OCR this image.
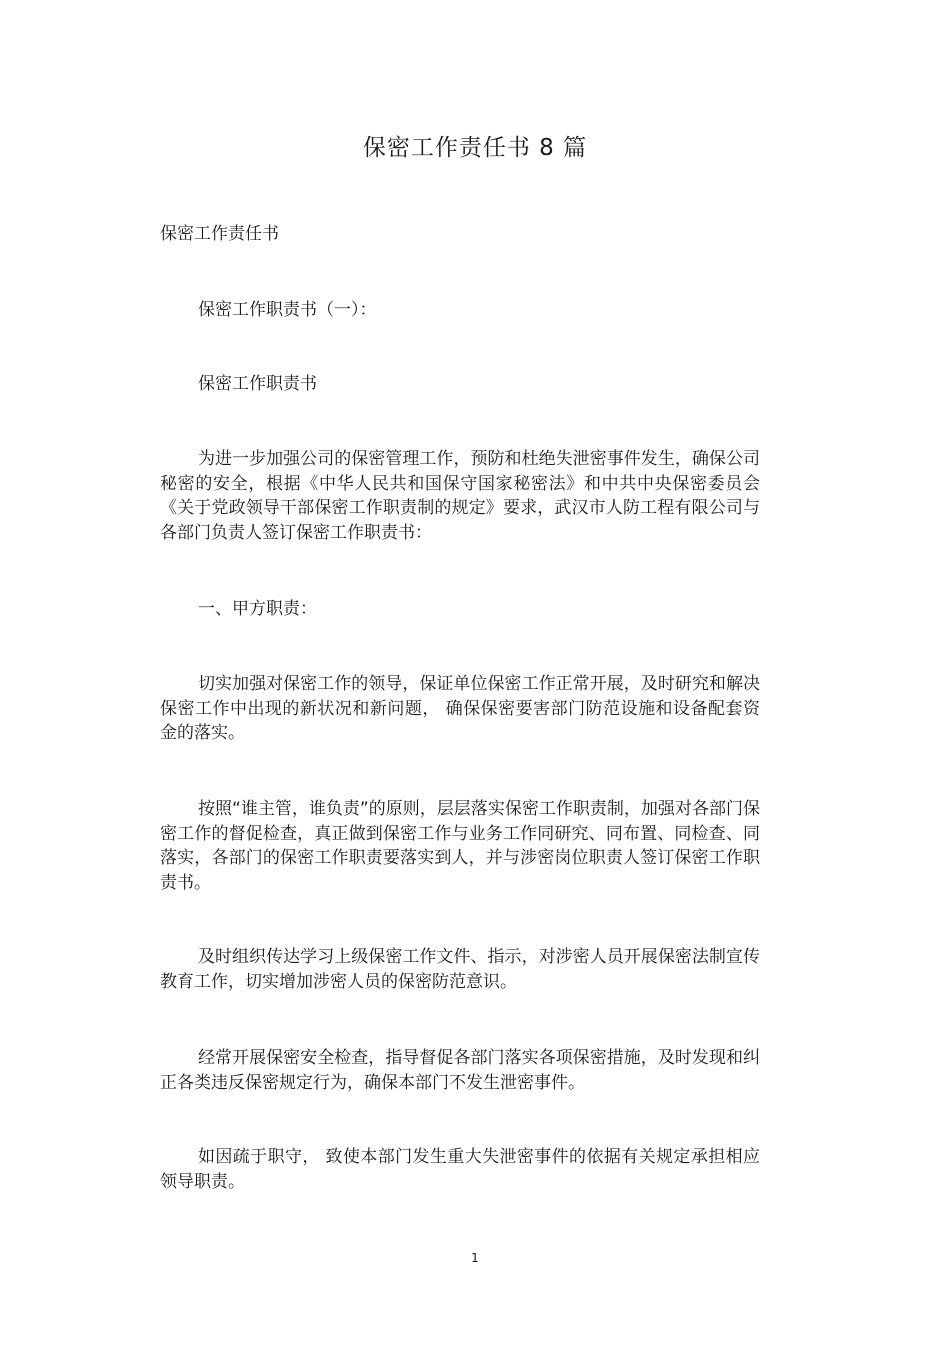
保密工作责任书 8 篇
保密工作责任书
保密工作职责书（一）：
保密工作职责书
为进一步加强公司的保密管理工作，预防和杜绝失泄密事件发生，确保公司秘密的安全，根据《中华人民共和国保守国家秘密法》和中共中央保密委员会《关于党政领导干部保密工作职责制的规定》要求，武汉市人防工程有限公司与各部门负责人签订保密工作职责书：
一、甲方职责：
切实加强对保密工作的领导，保证单位保密工作正常开展，及时研究和解决保密工作中出现的新状况和新问题， 确保保密要害部门防范设施和设备配套资金的落实。
按照“谁主管，谁负责”的原则，层层落实保密工作职责制，加强对各部门保密工作的督促检查，真正做到保密工作与业务工作同研究、同布置、同检查、同落实，各部门的保密工作职责要落实到人，并与涉密岗位职责人签订保密工作职责书。
及时组织传达学习上级保密工作文件、指示，对涉密人员开展保密法制宣传教育工作，切实增加涉密人员的保密防范意识。
经常开展保密安全检查，指导督促各部门落实各项保密措施，及时发现和纠正各类违反保密规定行为，确保本部门不发生泄密事件。
如因疏于职守， 致使本部门发生重大失泄密事件的依据有关规定承担相应领导职责。
1
